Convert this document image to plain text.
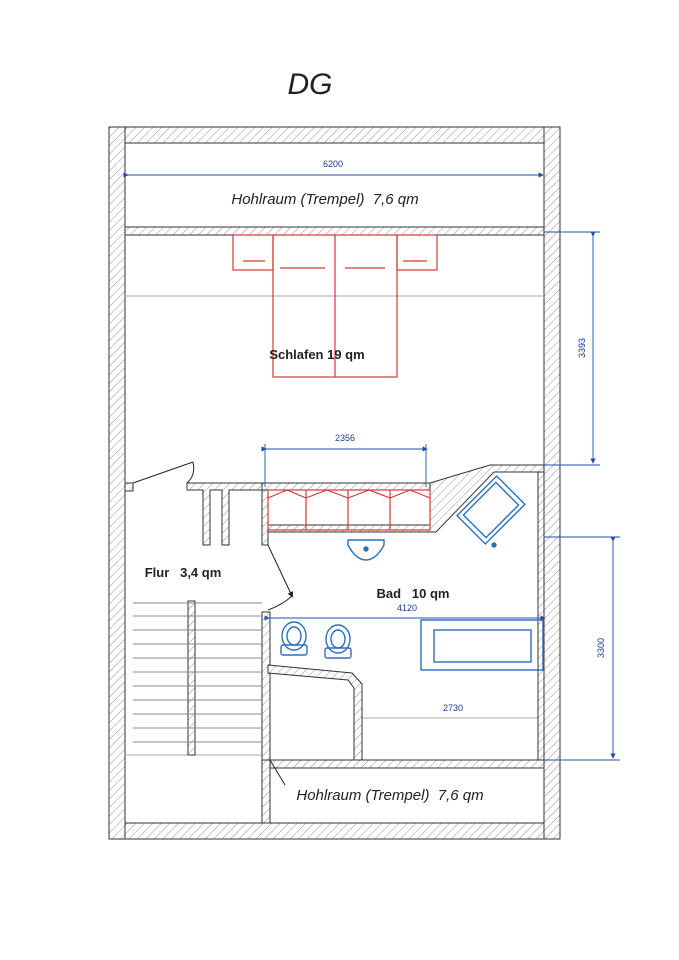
DG
6200
2356
4120
2730
3393
3300
Hohlraum (Trempel)  7,6 qm
Schlafen 19 qm
Flur   3,4 qm
Bad   10 qm
Hohlraum (Trempel)  7,6 qm
